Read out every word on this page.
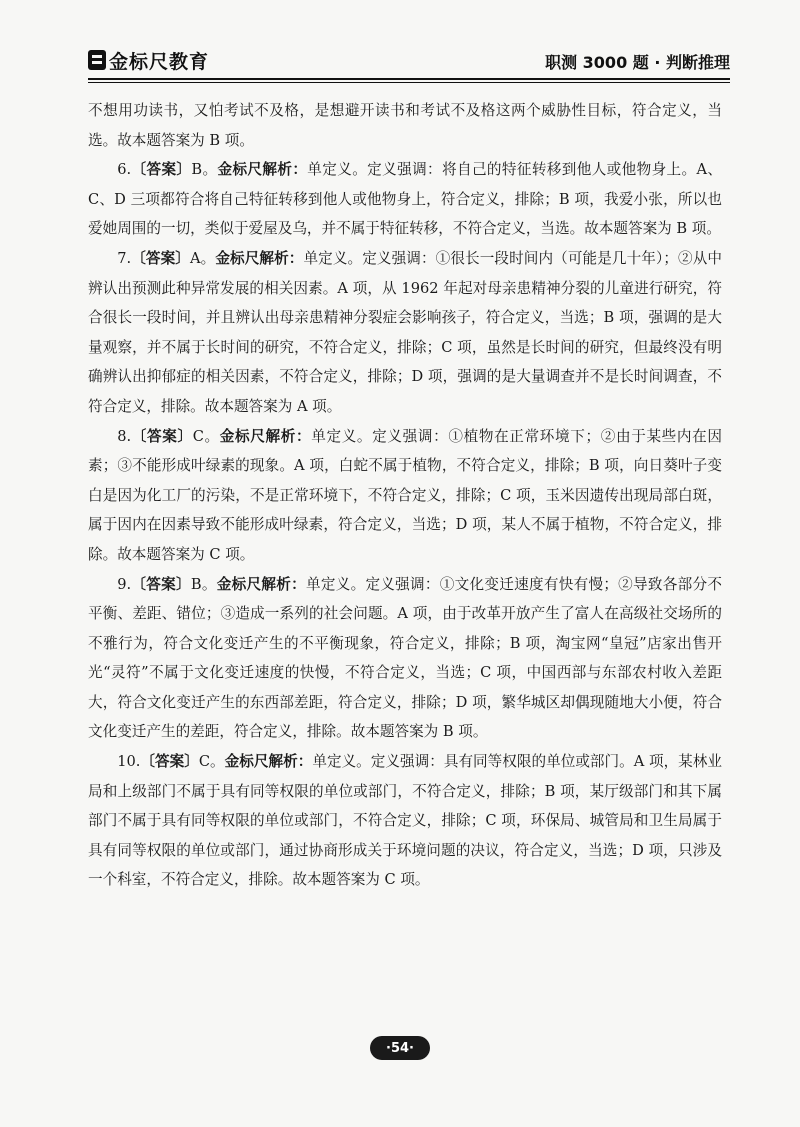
金标尺教育	职测 3000 题 · 判断推理

不想用功读书，又怕考试不及格，是想避开读书和考试不及格这两个威胁性目标，符合定义，当选。故本题答案为 B 项。

6.〔答案〕B。金标尺解析：单定义。定义强调：将自己的特征转移到他人或他物身上。A、C、D 三项都符合将自己特征转移到他人或他物身上，符合定义，排除；B 项，我爱小张，所以也爱她周围的一切，类似于爱屋及乌，并不属于特征转移，不符合定义，当选。故本题答案为 B 项。

7.〔答案〕A。金标尺解析：单定义。定义强调：①很长一段时间内（可能是几十年）；②从中辨认出预测此种异常发展的相关因素。A 项，从 1962 年起对母亲患精神分裂的儿童进行研究，符合很长一段时间，并且辨认出母亲患精神分裂症会影响孩子，符合定义，当选；B 项，强调的是大量观察，并不属于长时间的研究，不符合定义，排除；C 项，虽然是长时间的研究，但最终没有明确辨认出抑郁症的相关因素，不符合定义，排除；D 项，强调的是大量调查并不是长时间调查，不符合定义，排除。故本题答案为 A 项。

8.〔答案〕C。金标尺解析：单定义。定义强调：①植物在正常环境下；②由于某些内在因素；③不能形成叶绿素的现象。A 项，白蛇不属于植物，不符合定义，排除；B 项，向日葵叶子变白是因为化工厂的污染，不是正常环境下，不符合定义，排除；C 项，玉米因遗传出现局部白斑，属于因内在因素导致不能形成叶绿素，符合定义，当选；D 项，某人不属于植物，不符合定义，排除。故本题答案为 C 项。

9.〔答案〕B。金标尺解析：单定义。定义强调：①文化变迁速度有快有慢；②导致各部分不平衡、差距、错位；③造成一系列的社会问题。A 项，由于改革开放产生了富人在高级社交场所的不雅行为，符合文化变迁产生的不平衡现象，符合定义，排除；B 项，淘宝网“皇冠”店家出售开光“灵符”不属于文化变迁速度的快慢，不符合定义，当选；C 项，中国西部与东部农村收入差距大，符合文化变迁产生的东西部差距，符合定义，排除；D 项，繁华城区却偶现随地大小便，符合文化变迁产生的差距，符合定义，排除。故本题答案为 B 项。

10.〔答案〕C。金标尺解析：单定义。定义强调：具有同等权限的单位或部门。A 项，某林业局和上级部门不属于具有同等权限的单位或部门，不符合定义，排除；B 项，某厅级部门和其下属部门不属于具有同等权限的单位或部门，不符合定义，排除；C 项，环保局、城管局和卫生局属于具有同等权限的单位或部门，通过协商形成关于环境问题的决议，符合定义，当选；D 项，只涉及一个科室，不符合定义，排除。故本题答案为 C 项。

·54·
